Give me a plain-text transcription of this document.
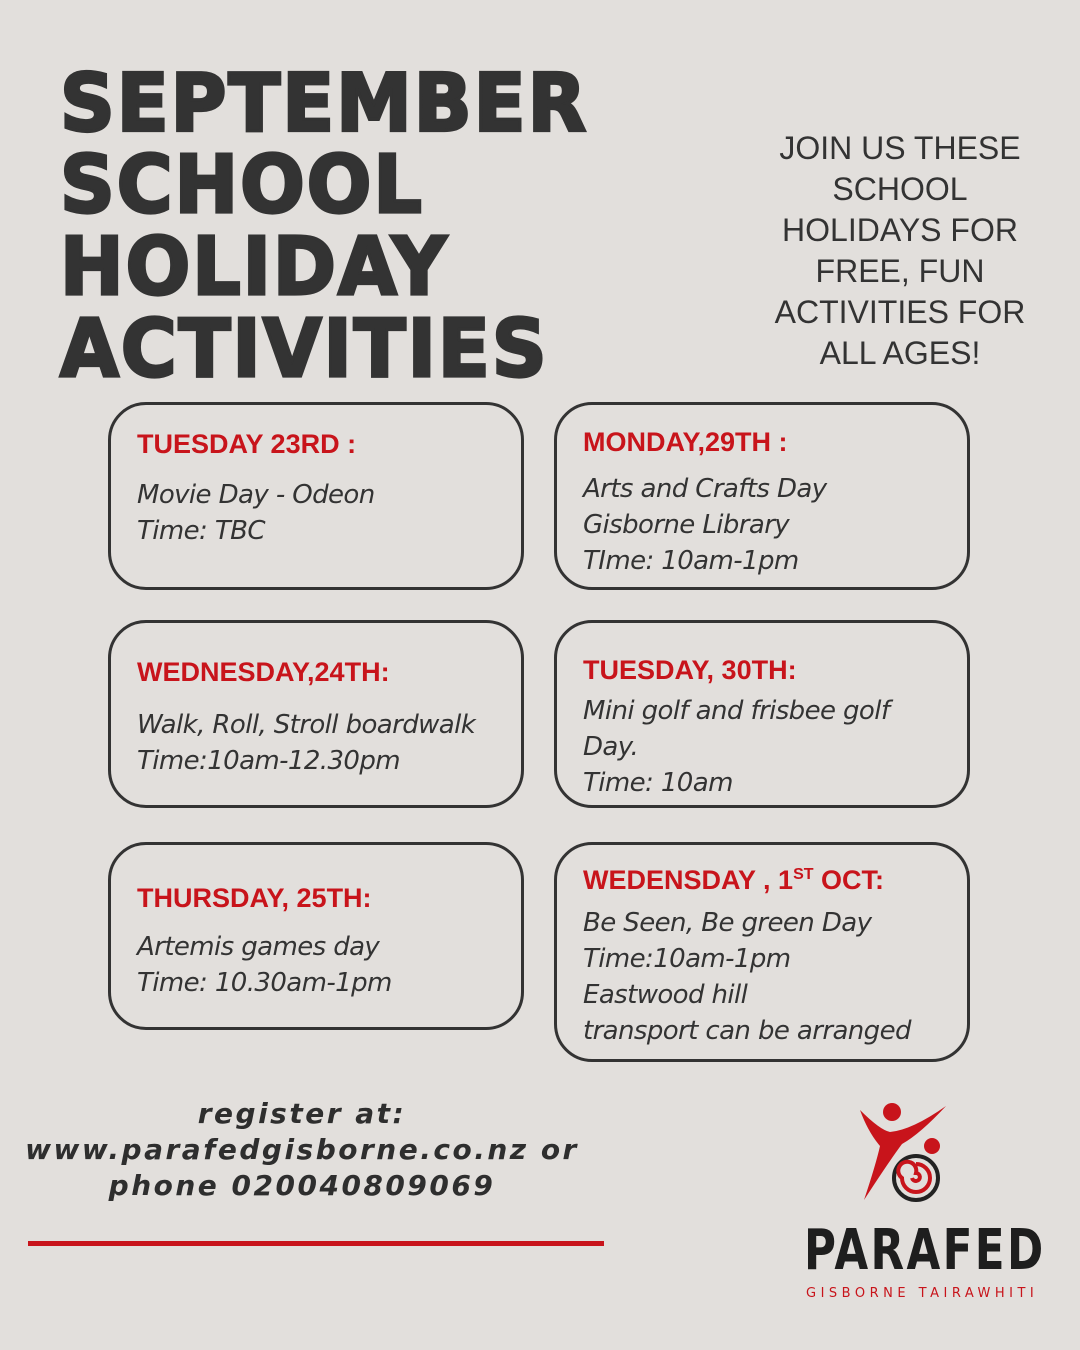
SEPTEMBER
SCHOOL
HOLIDAY
ACTIVITIES
JOIN US THESE
SCHOOL
HOLIDAYS FOR
FREE, FUN
ACTIVITIES FOR
ALL AGES!
TUESDAY 23RD :
Movie Day - Odeon
Time: TBC
MONDAY,29TH :
Arts and Crafts Day
Gisborne Library
TIme: 10am-1pm
WEDNESDAY,24TH:
Walk, Roll, Stroll boardwalk
Time:10am-12.30pm
TUESDAY, 30TH:
Mini golf and frisbee golf
Day.
Time: 10am
THURSDAY, 25TH:
Artemis games day
Time: 10.30am-1pm
WEDENSDAY , 1ST OCT:
Be Seen, Be green Day
Time:10am-1pm
Eastwood hill
transport can be arranged
register at:
www.parafedgisborne.co.nz or
phone 020040809069
PARAFED
GISBORNE TAIRAWHITI
